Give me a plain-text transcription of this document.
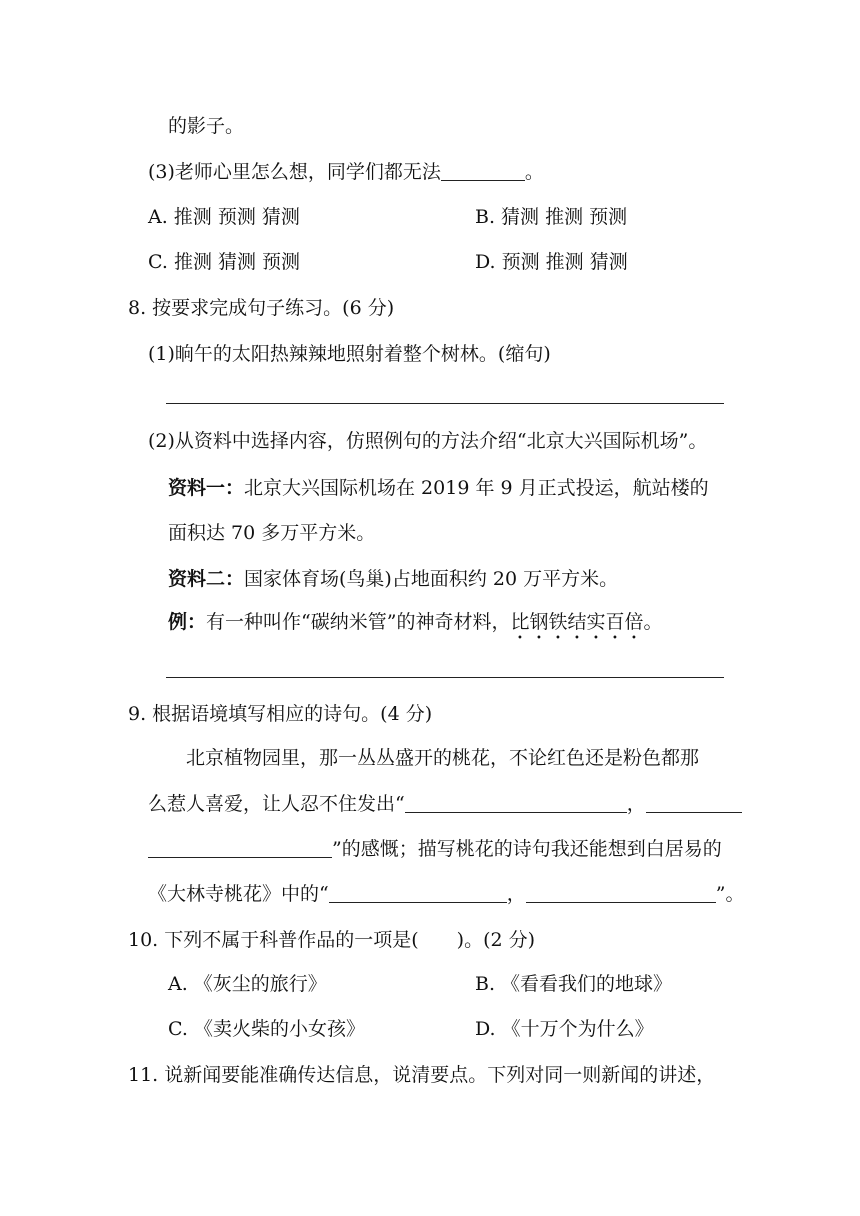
的影子。
(3)老师心里怎么想，同学们都无法	。
A. 推测 预测 猜测	B. 猜测 推测 预测
C. 推测 猜测 预测	D. 预测 推测 猜测
8. 按要求完成句子练习。(6 分)
(1)晌午的太阳热辣辣地照射着整个树林。(缩句)
(2)从资料中选择内容，仿照例句的方法介绍“北京大兴国际机场”。
资料一：北京大兴国际机场在 2019 年 9 月正式投运，航站楼的
面积达 70 多万平方米。
资料二：国家体育场(鸟巢)占地面积约 20 万平方米。
例：有一种叫作“碳纳米管”的神奇材料，比钢铁结实百倍。
9. 根据语境填写相应的诗句。(4 分)
北京植物园里，那一丛丛盛开的桃花，不论红色还是粉色都那
么惹人喜爱，让人忍不住发出“	，
”的感慨；描写桃花的诗句我还能想到白居易的
《大林寺桃花》中的“	，	”。
10. 下列不属于科普作品的一项是(　　)。(2 分)
A. 《灰尘的旅行》	B. 《看看我们的地球》
C. 《卖火柴的小女孩》	D. 《十万个为什么》
11. 说新闻要能准确传达信息，说清要点。下列对同一则新闻的讲述，
